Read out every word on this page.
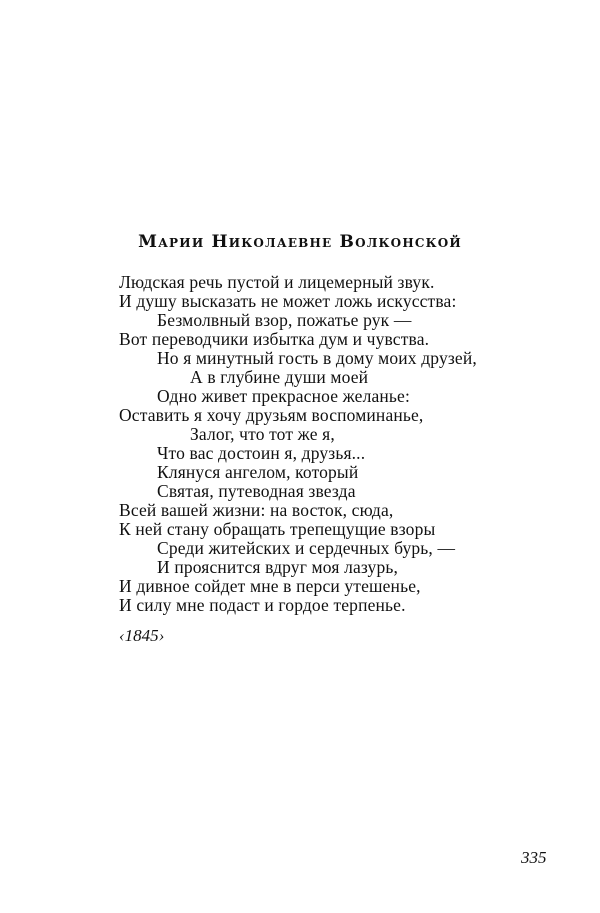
Марии Николаевне Волконской
Людская речь пустой и лицемерный звук.
И душу высказать не может ложь искусства:
Безмолвный взор, пожатье рук —
Вот переводчики избытка дум и чувства.
Но я минутный гость в дому моих друзей,
А в глубине души моей
Одно живет прекрасное желанье:
Оставить я хочу друзьям воспоминанье,
Залог, что тот же я,
Что вас достоин я, друзья...
Клянуся ангелом, который
Святая, путеводная звезда
Всей вашей жизни: на восток, сюда,
К ней стану обращать трепещущие взоры
Среди житейских и сердечных бурь, —
И прояснится вдруг моя лазурь,
И дивное сойдет мне в перси утешенье,
И силу мне подаст и гордое терпенье.
‹1845›
335
